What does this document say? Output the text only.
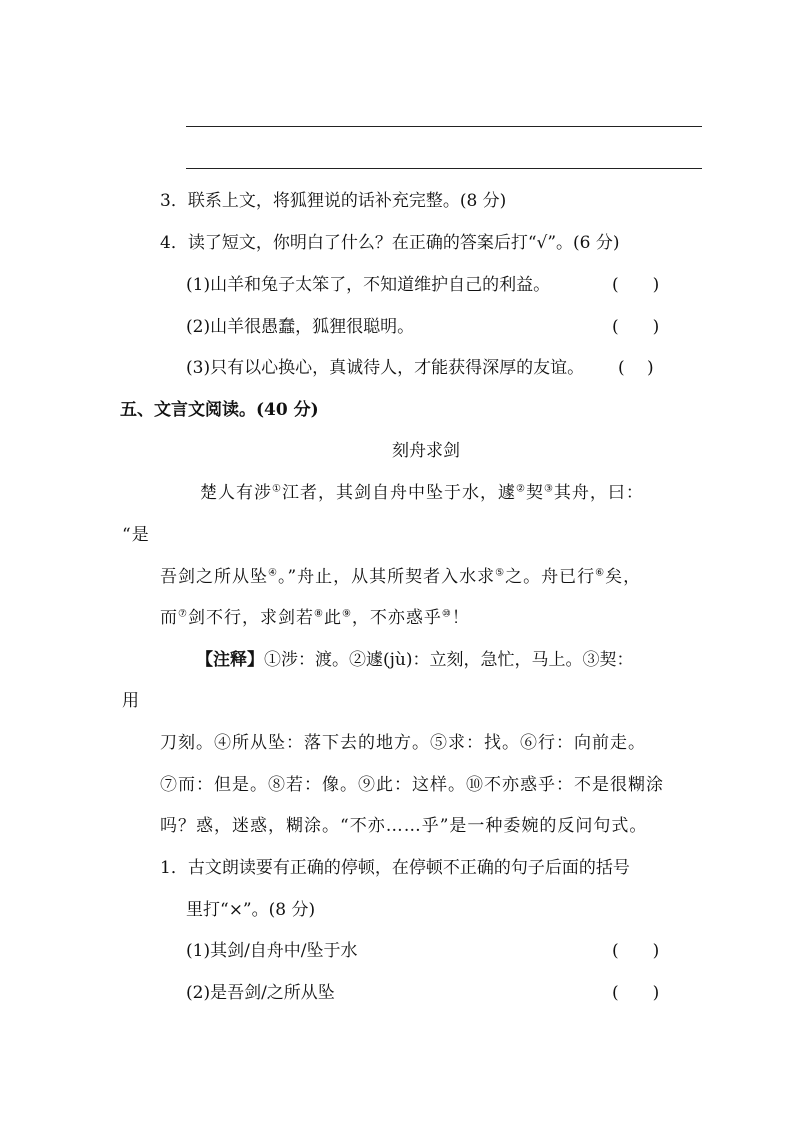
3．联系上文，将狐狸说的话补充完整。(8 分)
4．读了短文，你明白了什么？在正确的答案后打“√”。(6 分)
(1)山羊和兔子太笨了，不知道维护自己的利益。	(　　)
(2)山羊很愚蠢，狐狸很聪明。	(　　)
(3)只有以心换心，真诚待人，才能获得深厚的友谊。 (　 )
五、文言文阅读。(40 分)
刻舟求剑
楚人有涉①江者，其剑自舟中坠于水，遽②契③其舟，曰：
“是
吾剑之所从坠④。”舟止，从其所契者入水求⑤之。舟已行⑥矣，
而⑦剑不行，求剑若⑧此⑨，不亦惑乎⑩！
【注释】①涉：渡。②遽(jù)：立刻，急忙，马上。③契：
用
刀刻。④所从坠：落下去的地方。⑤求：找。⑥行：向前走。
⑦而：但是。⑧若：像。⑨此：这样。⑩不亦惑乎：不是很糊涂
吗？惑，迷惑，糊涂。“不亦……乎”是一种委婉的反问句式。
1．古文朗读要有正确的停顿，在停顿不正确的句子后面的括号
里打“×”。(8 分)
(1)其剑/自舟中/坠于水	(　　)
(2)是吾剑/之所从坠	(　　)
